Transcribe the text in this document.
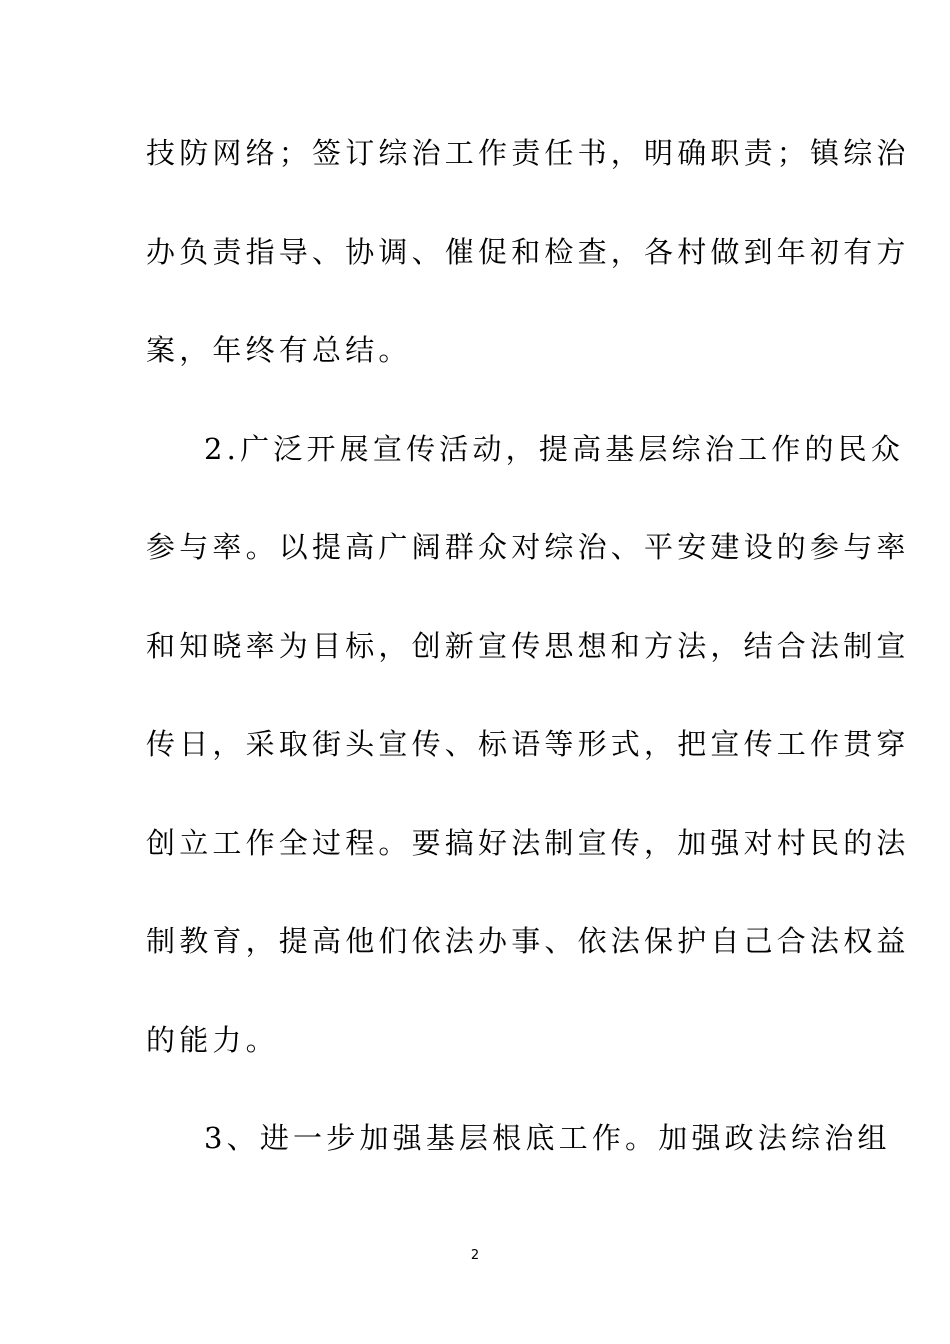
技防网络；签订综治工作责任书，明确职责；镇综治
办负责指导、协调、催促和检查，各村做到年初有方
案，年终有总结。
2.广泛开展宣传活动，提高基层综治工作的民众
参与率。以提高广阔群众对综治、平安建设的参与率
和知晓率为目标，创新宣传思想和方法，结合法制宣
传日，采取街头宣传、标语等形式，把宣传工作贯穿
创立工作全过程。要搞好法制宣传，加强对村民的法
制教育，提高他们依法办事、依法保护自己合法权益
的能力。
3、进一步加强基层根底工作。加强政法综治组
2
